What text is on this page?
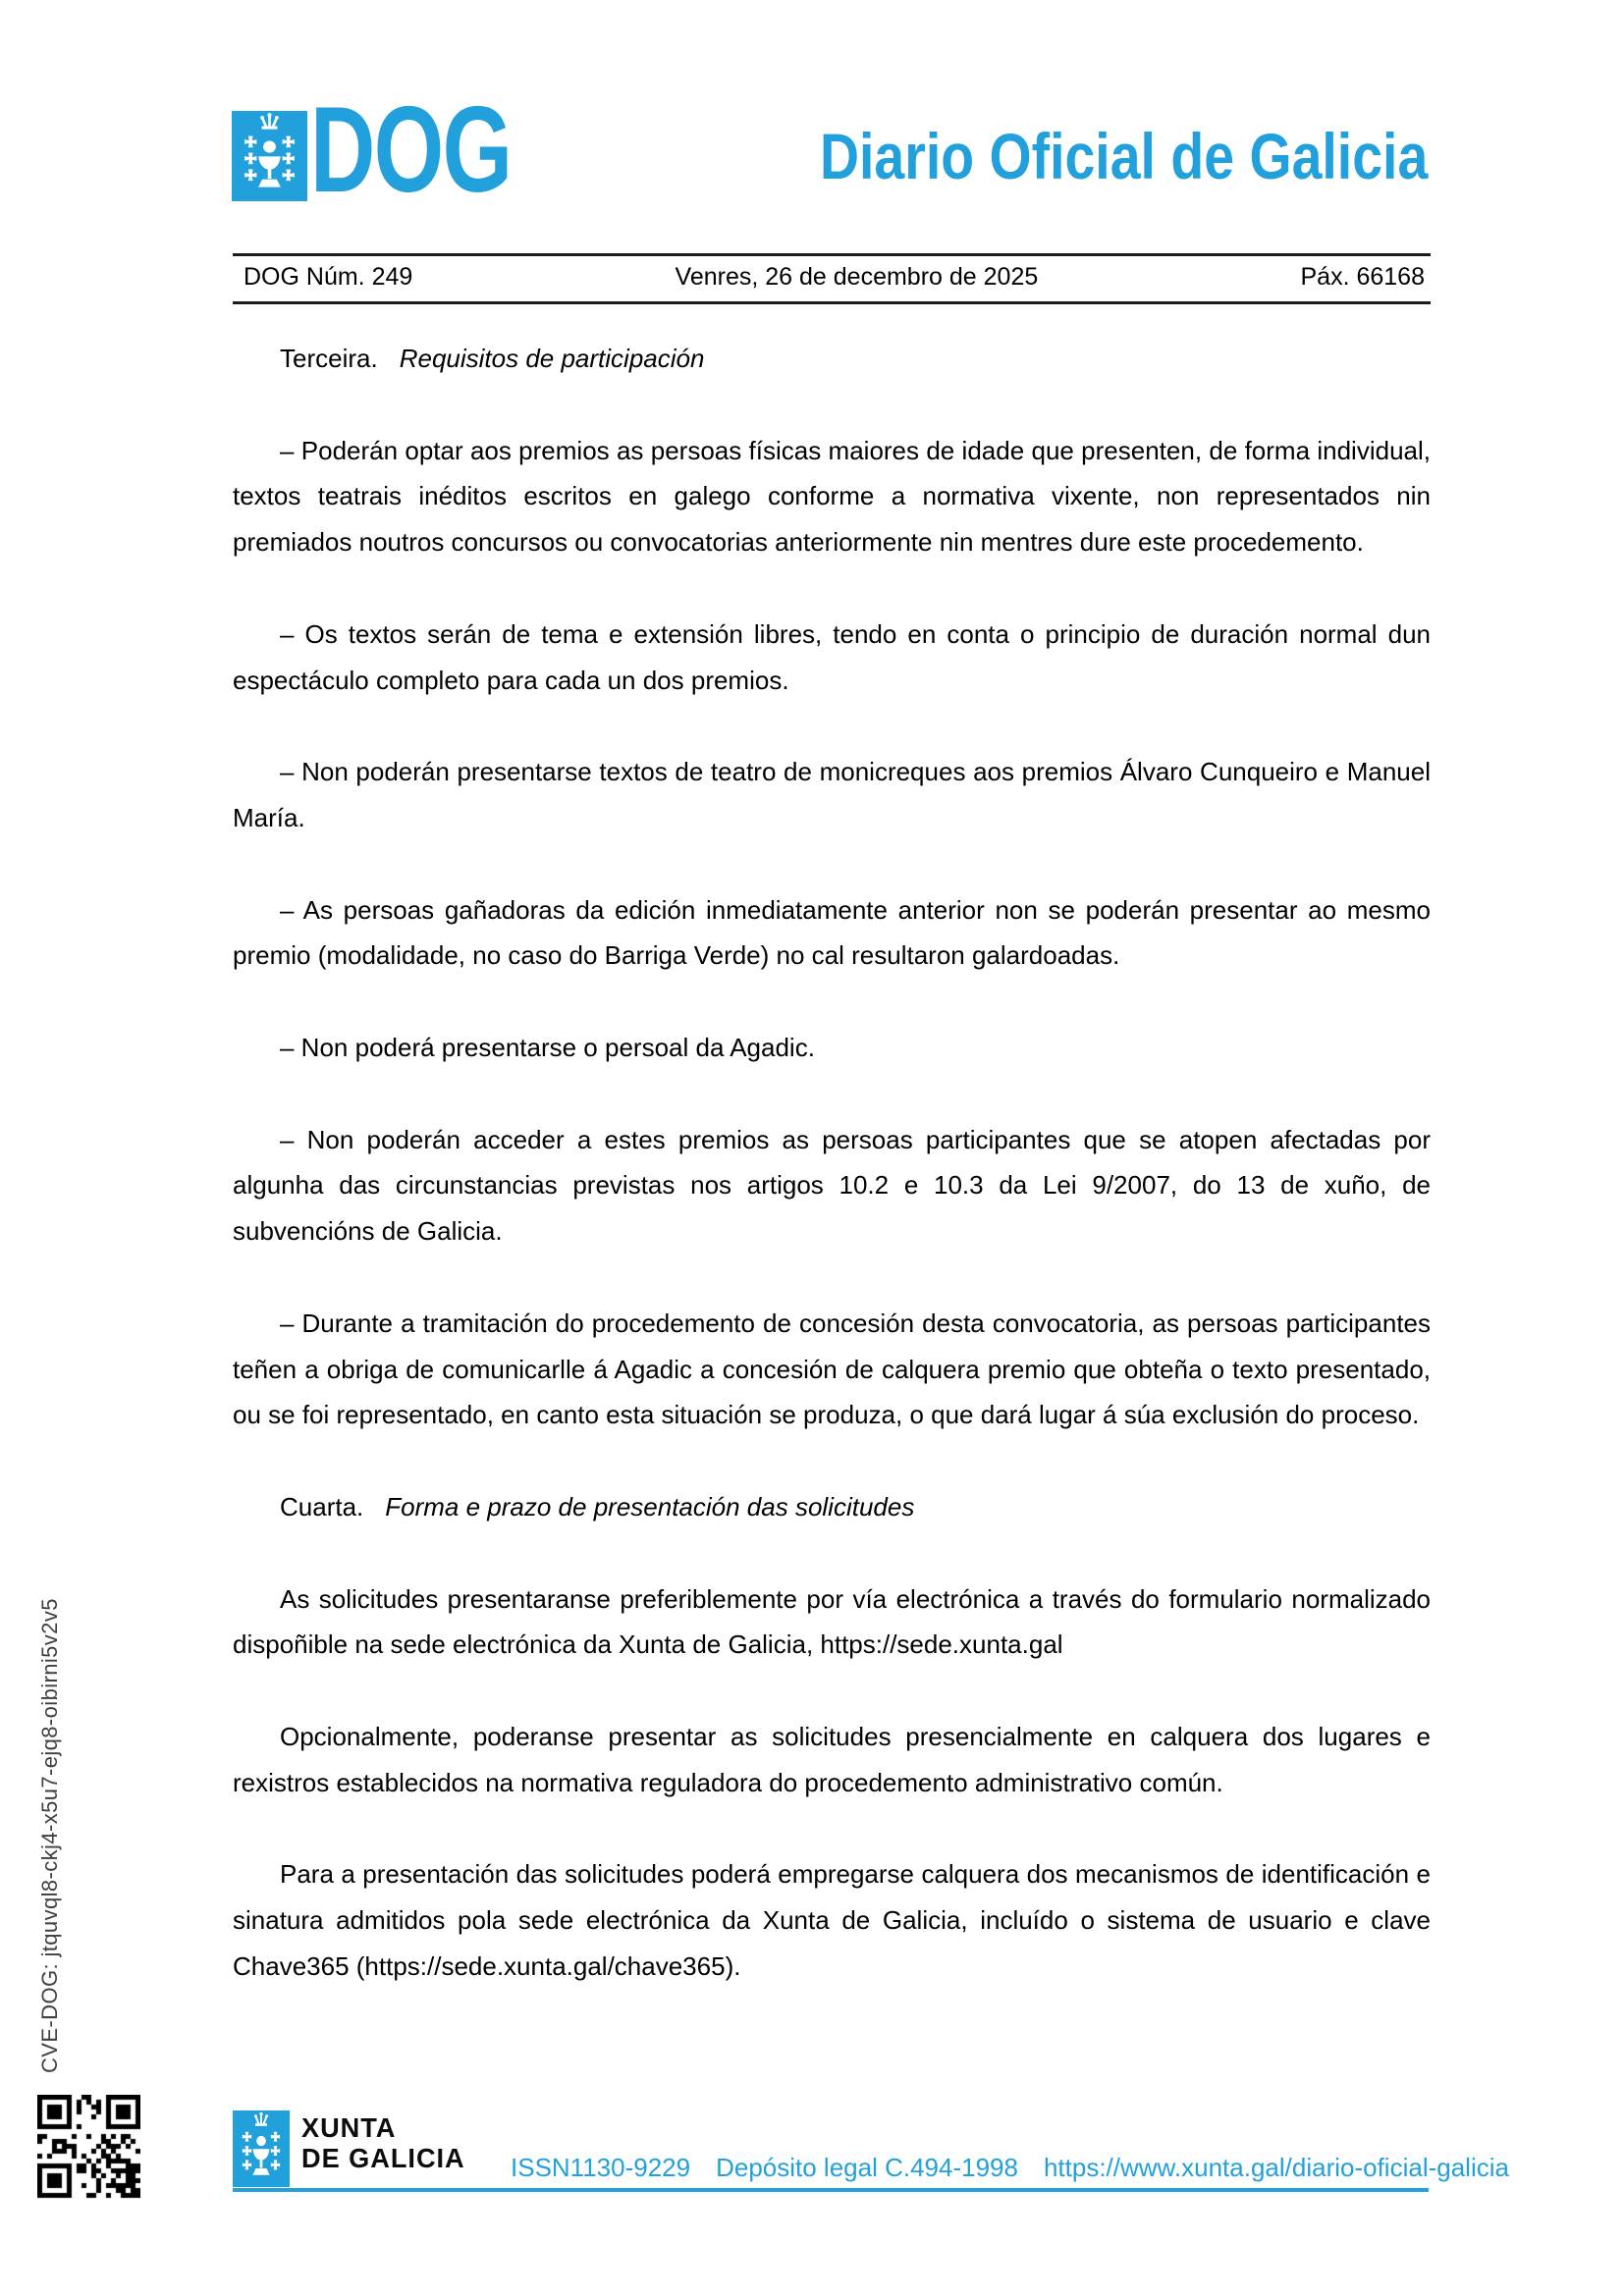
DOG	Diario Oficial de Galicia
DOG Núm. 249	Venres, 26 de decembro de 2025	Páx. 66168

Terceira. Requisitos de participación

– Poderán optar aos premios as persoas físicas maiores de idade que presenten, de forma individual, textos teatrais inéditos escritos en galego conforme a normativa vixente, non representados nin premiados noutros concursos ou convocatorias anteriormente nin mentres dure este procedemento.

– Os textos serán de tema e extensión libres, tendo en conta o principio de duración normal dun espectáculo completo para cada un dos premios.

– Non poderán presentarse textos de teatro de monicreques aos premios Álvaro Cunqueiro e Manuel María.

– As persoas gañadoras da edición inmediatamente anterior non se poderán presentar ao mesmo premio (modalidade, no caso do Barriga Verde) no cal resultaron galardoadas.

– Non poderá presentarse o persoal da Agadic.

– Non poderán acceder a estes premios as persoas participantes que se atopen afectadas por algunha das circunstancias previstas nos artigos 10.2 e 10.3 da Lei 9/2007, do 13 de xuño, de subvencións de Galicia.

– Durante a tramitación do procedemento de concesión desta convocatoria, as persoas participantes teñen a obriga de comunicarlle á Agadic a concesión de calquera premio que obteña o texto presentado, ou se foi representado, en canto esta situación se produza, o que dará lugar á súa exclusión do proceso.

Cuarta. Forma e prazo de presentación das solicitudes

As solicitudes presentaranse preferiblemente por vía electrónica a través do formulario normalizado dispoñible na sede electrónica da Xunta de Galicia, https://sede.xunta.gal

Opcionalmente, poderanse presentar as solicitudes presencialmente en calquera dos lugares e rexistros establecidos na normativa reguladora do procedemento administrativo común.

Para a presentación das solicitudes poderá empregarse calquera dos mecanismos de identificación e sinatura admitidos pola sede electrónica da Xunta de Galicia, incluído o sistema de usuario e clave Chave365 (https://sede.xunta.gal/chave365).

CVE-DOG: jtquvql8-ckj4-x5u7-ejq8-oibirni5v2v5
XUNTA
DE GALICIA ISSN1130-9229 Depósito legal C.494-1998 https://www.xunta.gal/diario-oficial-galicia
